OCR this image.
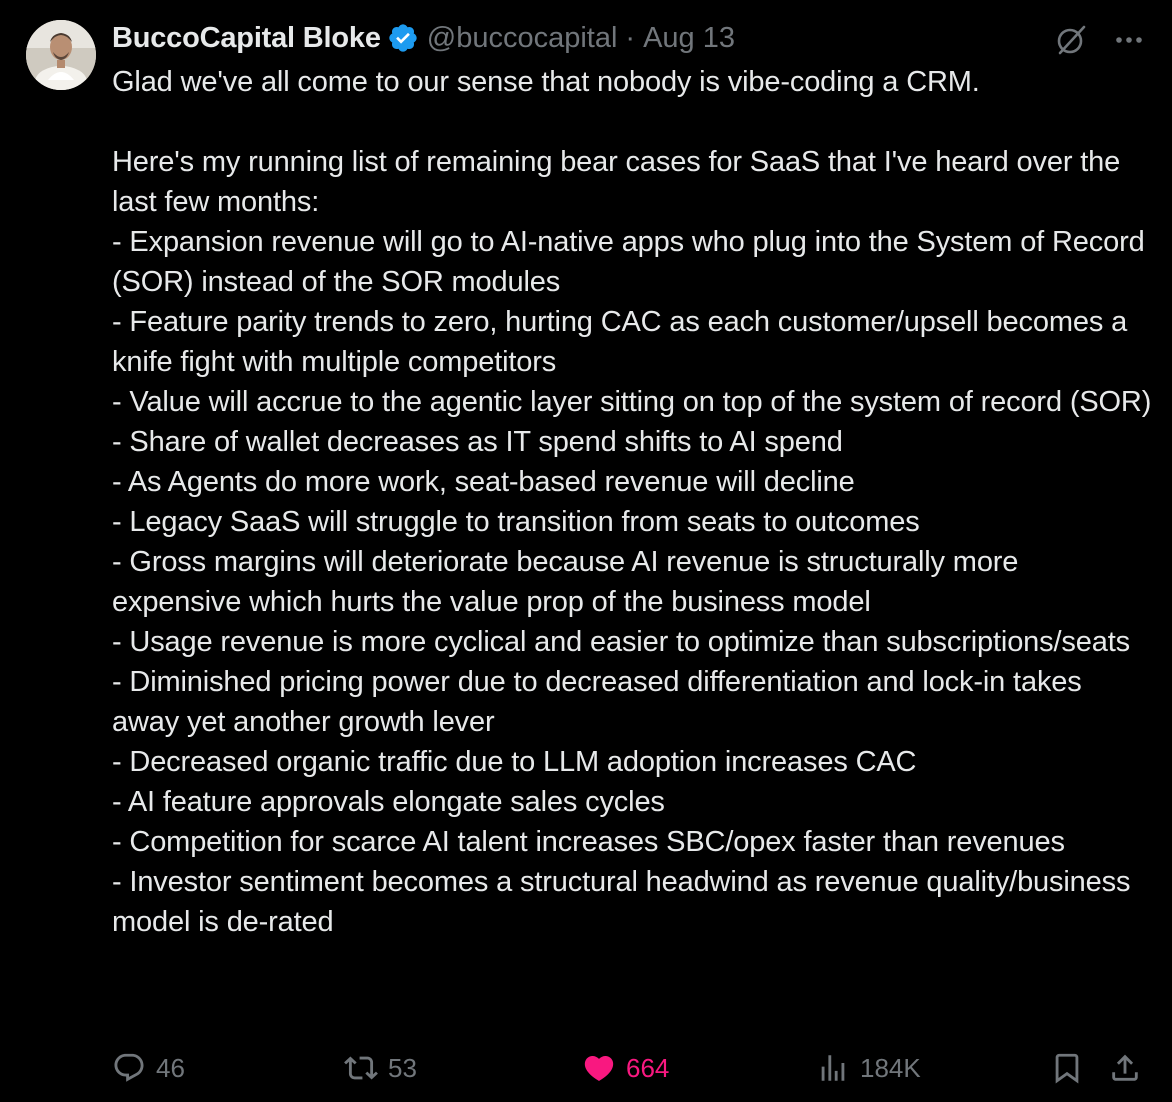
BuccoCapital Bloke @buccocapital · Aug 13

Glad we've all come to our sense that nobody is vibe-coding a CRM.

Here's my running list of remaining bear cases for SaaS that I've heard over the last few months:

- Expansion revenue will go to AI-native apps who plug into the System of Record (SOR) instead of the SOR modules

- Feature parity trends to zero, hurting CAC as each customer/upsell becomes a knife fight with multiple competitors

- Value will accrue to the agentic layer sitting on top of the system of record (SOR)

- Share of wallet decreases as IT spend shifts to AI spend

- As Agents do more work, seat-based revenue will decline

- Legacy SaaS will struggle to transition from seats to outcomes

- Gross margins will deteriorate because AI revenue is structurally more expensive which hurts the value prop of the business model

- Usage revenue is more cyclical and easier to optimize than subscriptions/seats

- Diminished pricing power due to decreased differentiation and lock-in takes away yet another growth lever

- Decreased organic traffic due to LLM adoption increases CAC

- AI feature approvals elongate sales cycles

- Competition for scarce AI talent increases SBC/opex faster than revenues

- Investor sentiment becomes a structural headwind as revenue quality/business model is de-rated

46	53	664	184K
